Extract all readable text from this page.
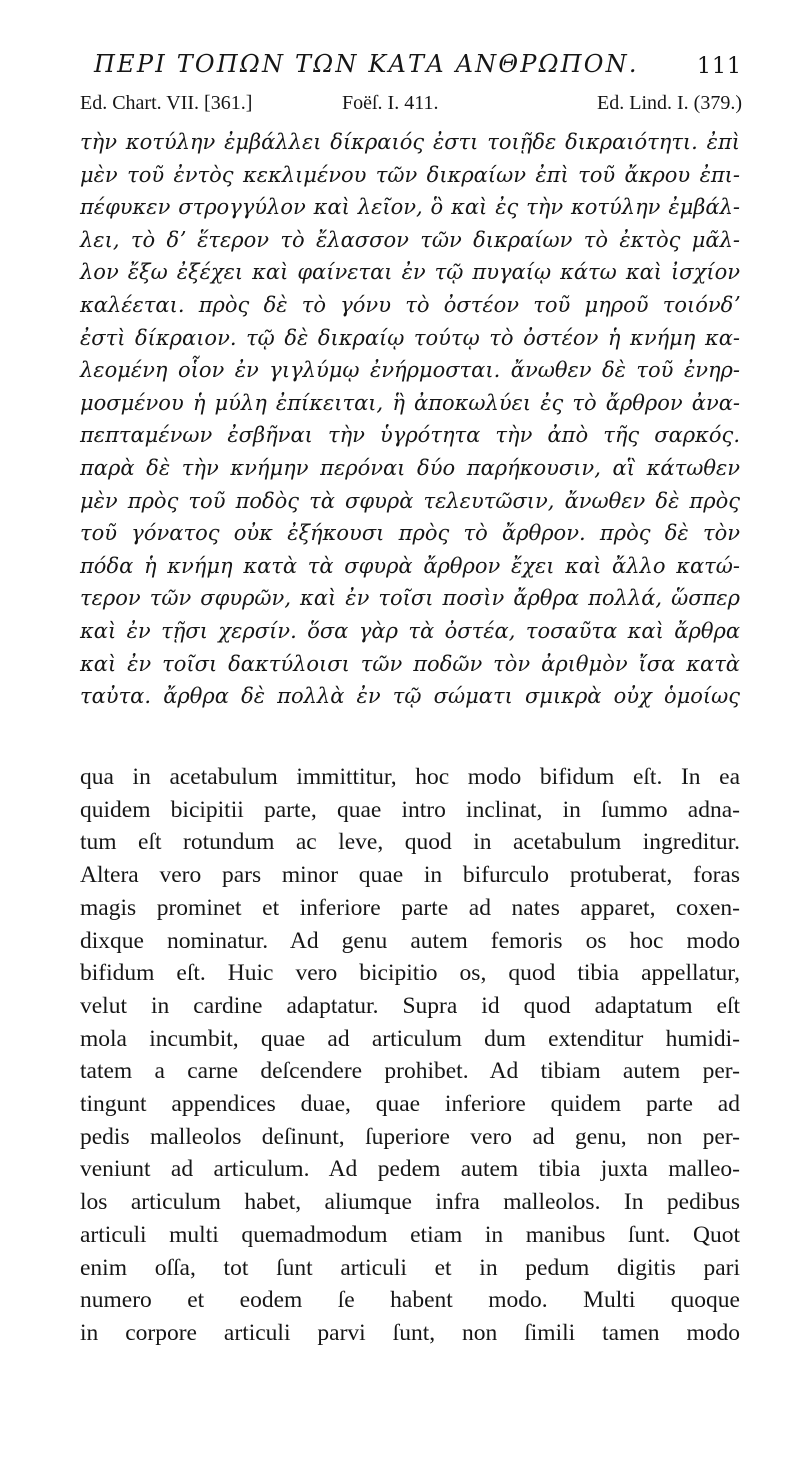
ΠΕΡΙ ΤΟΠΩΝ ΤΩΝ ΚΑΤΑ ΑΝΘΡΩΠΟΝ.	111
Ed. Chart. VII. [361.]	Foëſ. I. 411.	Ed. Lind. I. (379.)
τὴν κοτύλην ἐμβάλλει δίκραιός ἐστι τοιῇδε δικραιότητι. ἐπὶ
μὲν τοῦ ἐντὸς κεκλιμένου τῶν δικραίων ἐπὶ τοῦ ἄκρου ἐπι-
πέφυκεν στρογγύλον καὶ λεῖον, ὃ καὶ ἐς τὴν κοτύλην ἐμβάλ-
λει, τὸ δʼ ἕτερον τὸ ἔλασσον τῶν δικραίων τὸ ἐκτὸς μᾶλ-
λον ἔξω ἐξέχει καὶ φαίνεται ἐν τῷ πυγαίῳ κάτω καὶ ἰσχίον
καλέεται. πρὸς δὲ τὸ γόνυ τὸ ὀστέον τοῦ μηροῦ τοιόνδʼ
ἐστὶ δίκραιον. τῷ δὲ δικραίῳ τούτῳ τὸ ὀστέον ἡ κνήμη κα-
λεομένη οἷον ἐν γιγλύμῳ ἐνήρμοσται. ἄνωθεν δὲ τοῦ ἐνηρ-
μοσμένου ἡ μύλη ἐπίκειται, ἣ ἀποκωλύει ἐς τὸ ἄρθρον ἀνα-
πεπταμένων ἐσβῆναι τὴν ὑγρότητα τὴν ἀπὸ τῆς σαρκός.
παρὰ δὲ τὴν κνήμην περόναι δύο παρήκουσιν, αἳ κάτωθεν
μὲν πρὸς τοῦ ποδὸς τὰ σφυρὰ τελευτῶσιν, ἄνωθεν δὲ πρὸς
τοῦ γόνατος οὐκ ἐξήκουσι πρὸς τὸ ἄρθρον. πρὸς δὲ τὸν
πόδα ἡ κνήμη κατὰ τὰ σφυρὰ ἄρθρον ἔχει καὶ ἄλλο κατώ-
τερον τῶν σφυρῶν, καὶ ἐν τοῖσι ποσὶν ἄρθρα πολλά, ὥσπερ
καὶ ἐν τῇσι χερσίν. ὅσα γὰρ τὰ ὀστέα, τοσαῦτα καὶ ἄρθρα
καὶ ἐν τοῖσι δακτύλοισι τῶν ποδῶν τὸν ἀριθμὸν ἴσα κατὰ
ταὐτα. ἄρθρα δὲ πολλὰ ἐν τῷ σώματι σμικρὰ οὐχ ὁμοίως
qua in acetabulum immittitur, hoc modo bifidum eſt. In ea
quidem bicipitii parte, quae intro inclinat, in ſummo adna-
tum eſt rotundum ac leve, quod in acetabulum ingreditur.
Altera vero pars minor quae in bifurculo protuberat, foras
magis prominet et inferiore parte ad nates apparet, coxen-
dixque nominatur. Ad genu autem femoris os hoc modo
bifidum eſt. Huic vero bicipitio os, quod tibia appellatur,
velut in cardine adaptatur. Supra id quod adaptatum eſt
mola incumbit, quae ad articulum dum extenditur humidi-
tatem a carne deſcendere prohibet. Ad tibiam autem per-
tingunt appendices duae, quae inferiore quidem parte ad
pedis malleolos deſinunt, ſuperiore vero ad genu, non per-
veniunt ad articulum. Ad pedem autem tibia juxta malleo-
los articulum habet, aliumque infra malleolos. In pedibus
articuli multi quemadmodum etiam in manibus ſunt. Quot
enim oſſa, tot ſunt articuli et in pedum digitis pari
numero et eodem ſe habent modo. Multi quoque
in corpore articuli parvi ſunt, non ſimili tamen modo
